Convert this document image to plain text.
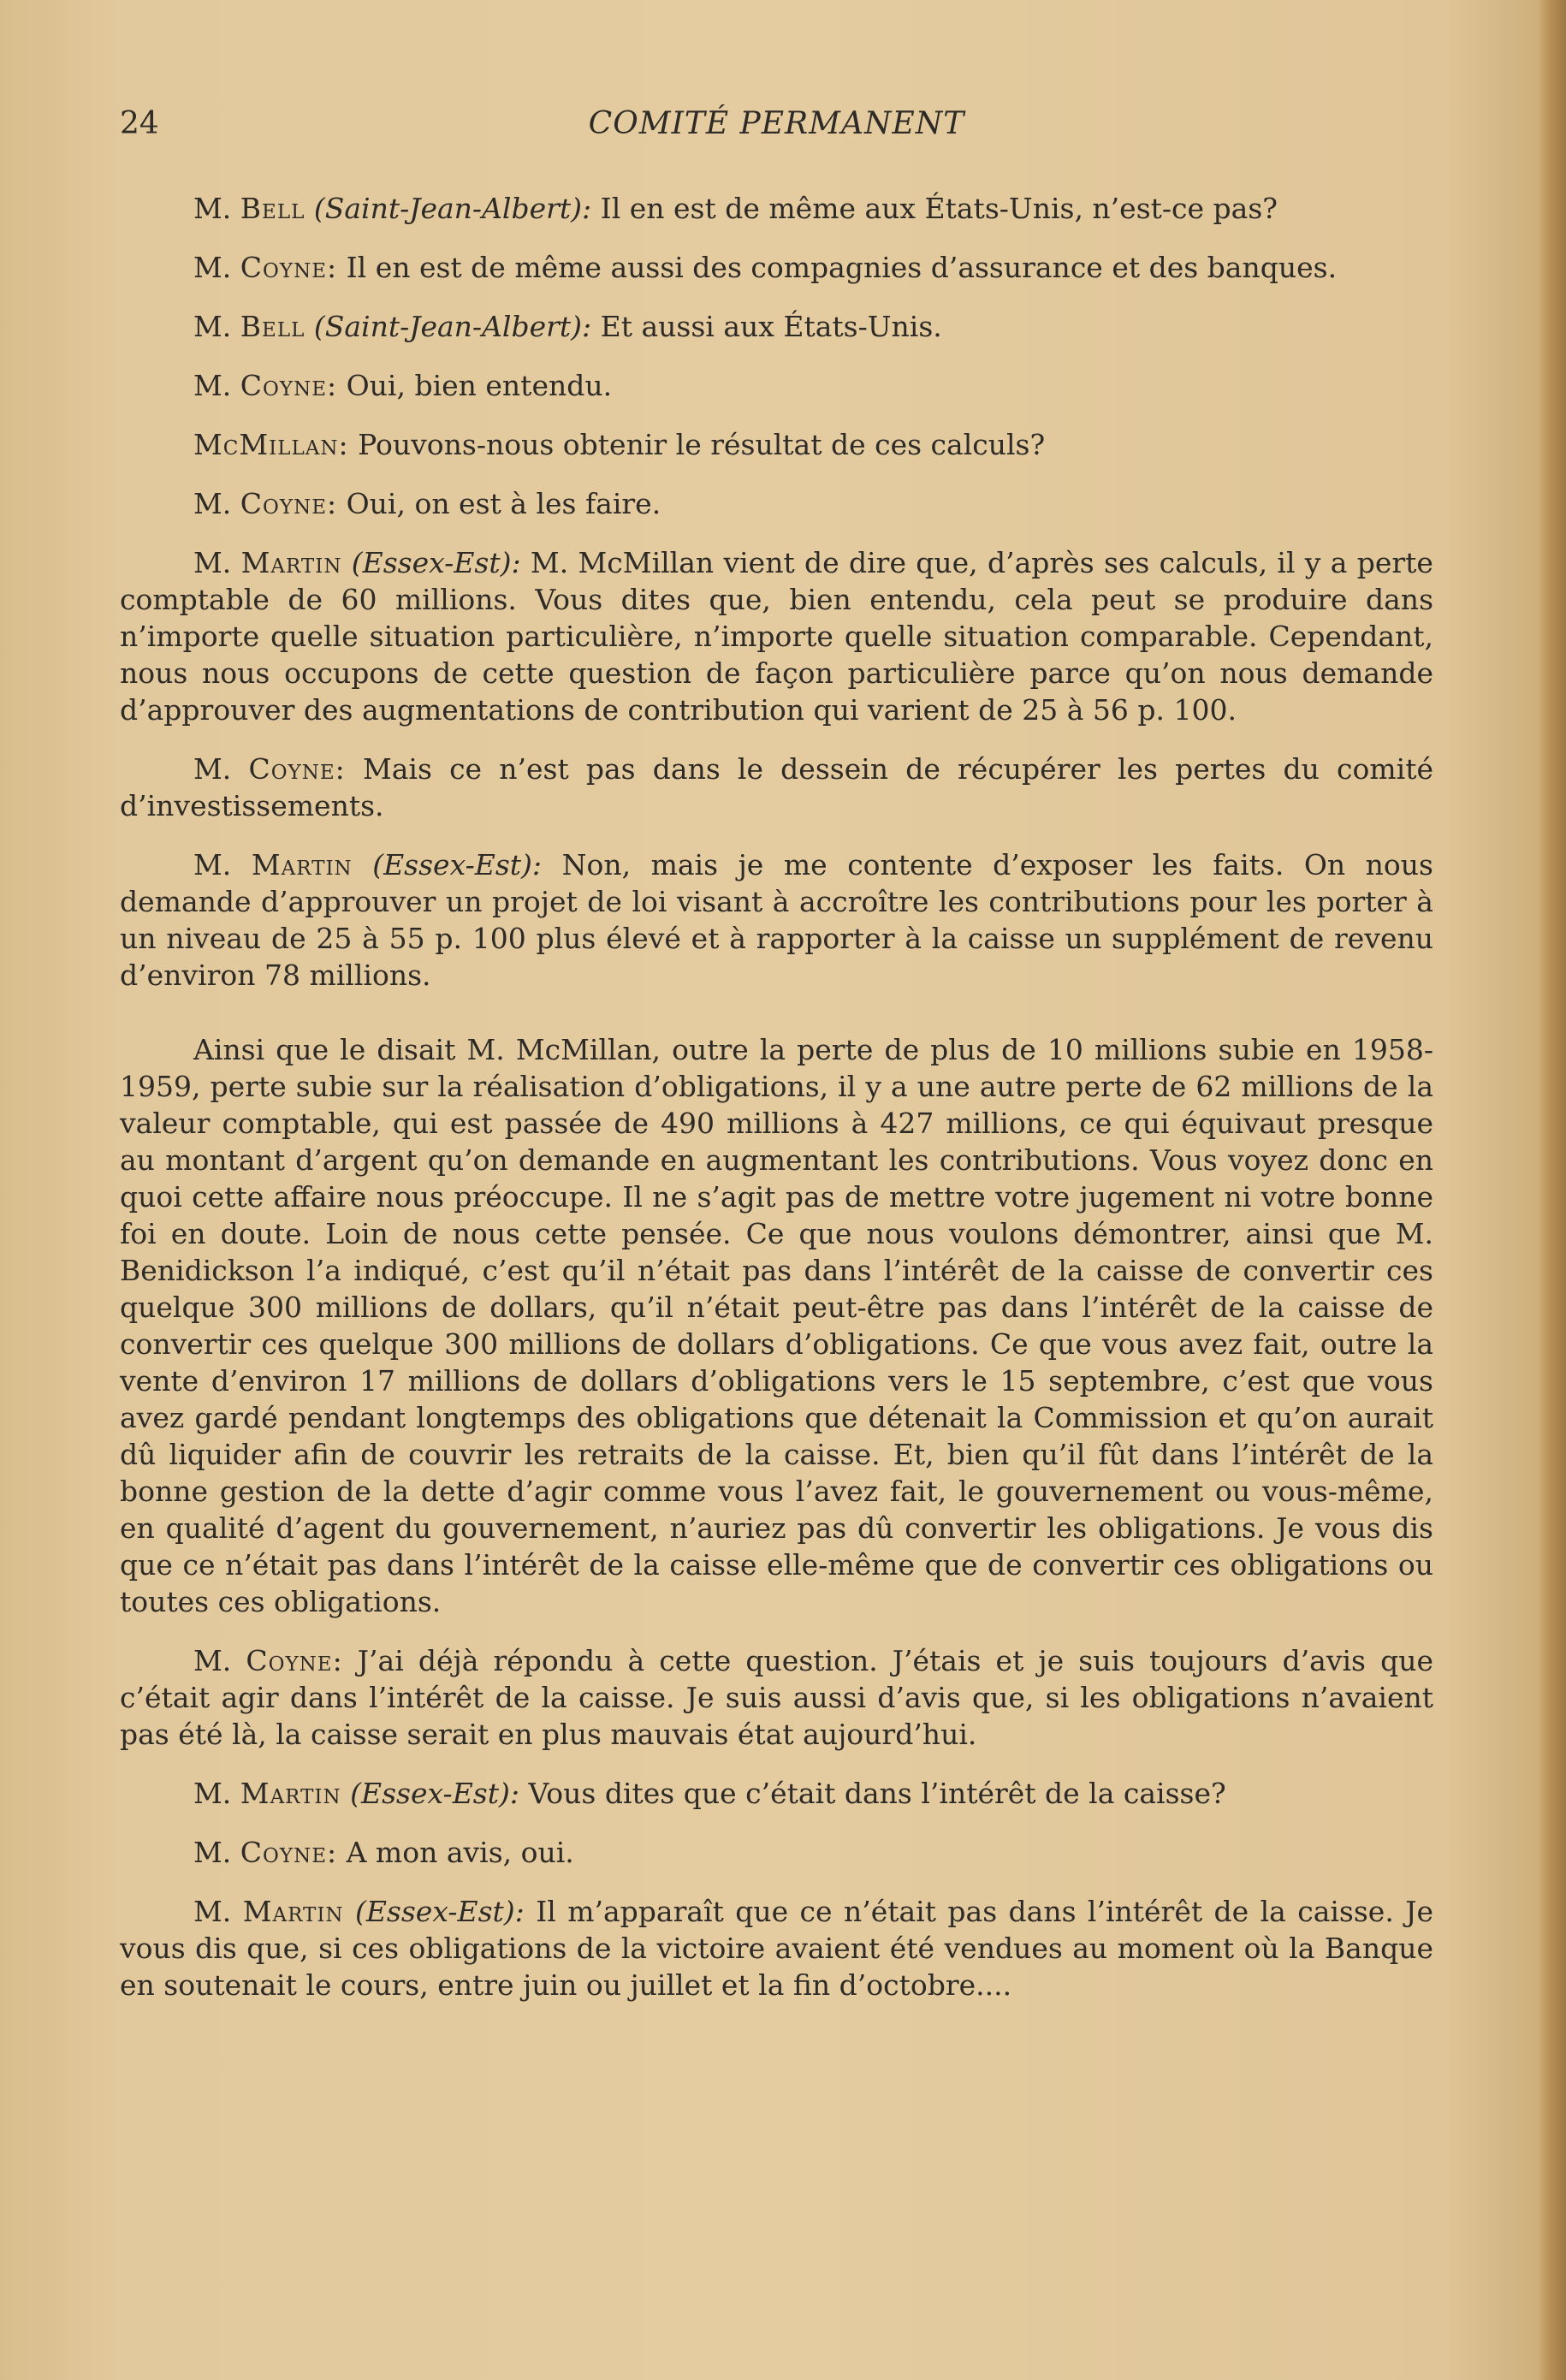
24	COMITÉ PERMANENT

M. Bell (Saint-Jean-Albert): Il en est de même aux États-Unis, n’est-ce pas?

M. Coyne: Il en est de même aussi des compagnies d’assurance et des banques.

M. Bell (Saint-Jean-Albert): Et aussi aux États-Unis.

M. Coyne: Oui, bien entendu.

McMillan: Pouvons-nous obtenir le résultat de ces calculs?

M. Coyne: Oui, on est à les faire.

M. Martin (Essex-Est): M. McMillan vient de dire que, d’après ses calculs, il y a perte comptable de 60 millions. Vous dites que, bien entendu, cela peut se produire dans n’importe quelle situation particulière, n’importe quelle situation comparable. Cependant, nous nous occupons de cette question de façon particulière parce qu’on nous demande d’approuver des augmentations de contribution qui varient de 25 à 56 p. 100.

M. Coyne: Mais ce n’est pas dans le dessein de récupérer les pertes du comité d’investissements.

M. Martin (Essex-Est): Non, mais je me contente d’exposer les faits. On nous demande d’approuver un projet de loi visant à accroître les contributions pour les porter à un niveau de 25 à 55 p. 100 plus élevé et à rapporter à la caisse un supplément de revenu d’environ 78 millions.

Ainsi que le disait M. McMillan, outre la perte de plus de 10 millions subie en 1958-1959, perte subie sur la réalisation d’obligations, il y a une autre perte de 62 millions de la valeur comptable, qui est passée de 490 millions à 427 millions, ce qui équivaut presque au montant d’argent qu’on demande en augmentant les contributions. Vous voyez donc en quoi cette affaire nous préoccupe. Il ne s’agit pas de mettre votre jugement ni votre bonne foi en doute. Loin de nous cette pensée. Ce que nous voulons démontrer, ainsi que M. Benidickson l’a indiqué, c’est qu’il n’était pas dans l’intérêt de la caisse de convertir ces quelque 300 millions de dollars, qu’il n’était peut-être pas dans l’intérêt de la caisse de convertir ces quelque 300 millions de dollars d’obligations. Ce que vous avez fait, outre la vente d’environ 17 millions de dollars d’obligations vers le 15 septembre, c’est que vous avez gardé pendant longtemps des obligations que détenait la Commission et qu’on aurait dû liquider afin de couvrir les retraits de la caisse. Et, bien qu’il fût dans l’intérêt de la bonne gestion de la dette d’agir comme vous l’avez fait, le gouvernement ou vous-même, en qualité d’agent du gouvernement, n’auriez pas dû convertir les obligations. Je vous dis que ce n’était pas dans l’intérêt de la caisse elle-même que de convertir ces obligations ou toutes ces obligations.

M. Coyne: J’ai déjà répondu à cette question. J’étais et je suis toujours d’avis que c’était agir dans l’intérêt de la caisse. Je suis aussi d’avis que, si les obligations n’avaient pas été là, la caisse serait en plus mauvais état aujourd’hui.

M. Martin (Essex-Est): Vous dites que c’était dans l’intérêt de la caisse?

M. Coyne: A mon avis, oui.

M. Martin (Essex-Est): Il m’apparaît que ce n’était pas dans l’intérêt de la caisse. Je vous dis que, si ces obligations de la victoire avaient été vendues au moment où la Banque en soutenait le cours, entre juin ou juillet et la fin d’octobre....
